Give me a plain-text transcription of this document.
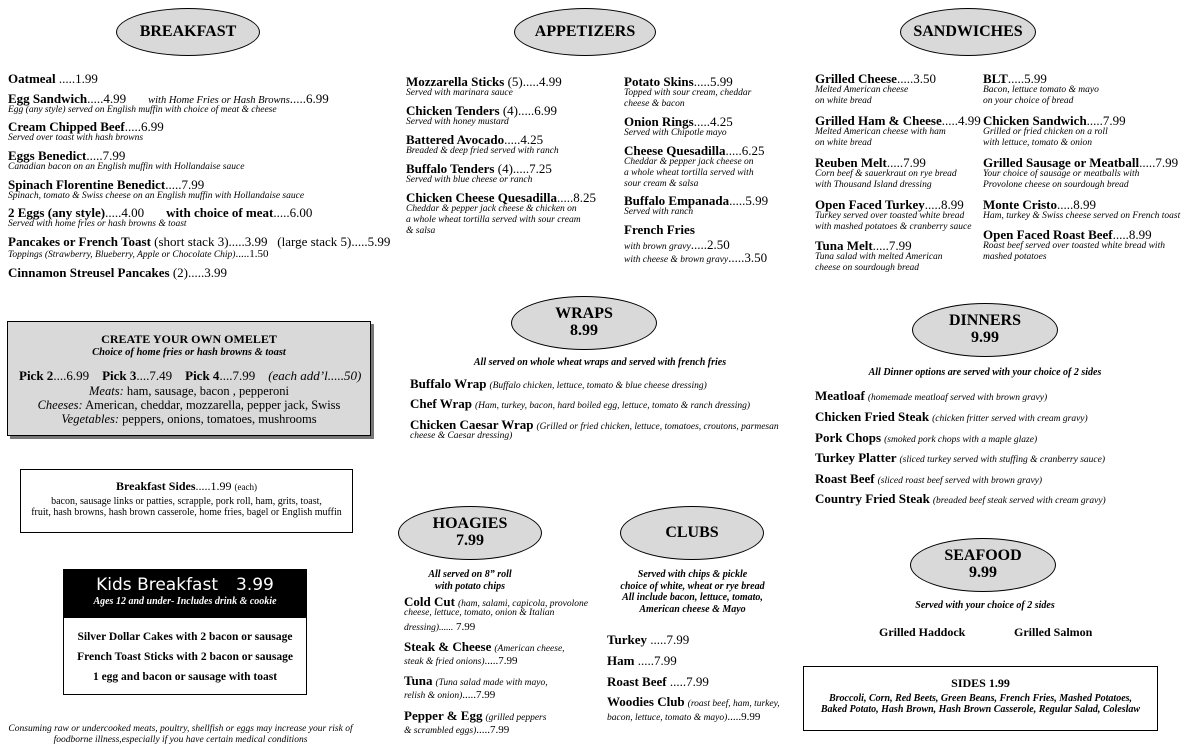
BREAKFAST	APPETIZERS	SANDWICHES
Oatmeal .....1.99
Egg Sandwich.....4.99 with Home Fries or Hash Browns.....6.99
Egg (any style) served on English muffin with choice of meat & cheese
Cream Chipped Beef.....6.99
Served over toast with hash browns
Eggs Benedict.....7.99
Canadian bacon on an English muffin with Hollandaise sauce
Spinach Florentine Benedict.....7.99
Spinach, tomato & Swiss cheese on an English muffin with Hollandaise sauce
2 Eggs (any style).....4.00 with choice of meat.....6.00
Served with home fries or hash browns & toast
Pancakes or French Toast (short stack 3).....3.99   (large stack 5).....5.99
Toppings (Strawberry, Blueberry, Apple or Chocolate Chip).....1.50
Cinnamon Streusel Pancakes (2).....3.99
CREATE YOUR OWN OMELET
Choice of home fries or hash browns & toast
Pick 2....6.99 Pick 3....7.49 Pick 4....7.99 (each add’l.....50)
Meats: ham, sausage, bacon , pepperoni
Cheeses: American, cheddar, mozzarella, pepper jack, Swiss
Vegetables: peppers, onions, tomatoes, mushrooms
Breakfast Sides.....1.99 (each)
bacon, sausage links or patties, scrapple, pork roll, ham, grits, toast,
fruit, hash browns, hash brown casserole, home fries, bagel or English muffin
Kids Breakfast 3.99
Ages 12 and under- Includes drink & cookie
Silver Dollar Cakes with 2 bacon or sausage
French Toast Sticks with 2 bacon or sausage
1 egg and bacon or sausage with toast
Consuming raw or undercooked meats, poultry, shellfish or eggs may increase your risk of
foodborne illness,especially if you have certain medical conditions
Mozzarella Sticks (5).....4.99
Served with marinara sauce
Chicken Tenders (4).....6.99
Served with honey mustard
Battered Avocado.....4.25
Breaded & deep fried served with ranch
Buffalo Tenders (4).....7.25
Served with blue cheese or ranch
Chicken Cheese Quesadilla.....8.25
Cheddar & pepper jack cheese & chicken on
a whole wheat tortilla served with sour cream
& salsa
Potato Skins.....5.99
Topped with sour cream, cheddar
cheese & bacon
Onion Rings.....4.25
Served with Chipotle mayo
Cheese Quesadilla.....6.25
Cheddar & pepper jack cheese on
a whole wheat tortilla served with
sour cream & salsa
Buffalo Empanada.....5.99
Served with ranch
French Fries
with brown gravy.....2.50
with cheese & brown gravy.....3.50
WRAPS
8.99
All served on whole wheat wraps and served with french fries
Buffalo Wrap (Buffalo chicken, lettuce, tomato & blue cheese dressing)
Chef Wrap (Ham, turkey, bacon, hard boiled egg, lettuce, tomato & ranch dressing)
Chicken Caesar Wrap (Grilled or fried chicken, lettuce, tomatoes, croutons, parmesan
cheese & Caesar dressing)
HOAGIES
7.99
All served on 8” roll
with potato chips
Cold Cut (ham, salami, capicola, provolone
cheese, lettuce, tomato, onion & Italian
dressing)...... 7.99
Steak & Cheese (American cheese,
steak & fried onions).....7.99
Tuna (Tuna salad made with mayo,
relish & onion).....7.99
Pepper & Egg (grilled peppers
& scrambled eggs).....7.99
CLUBS
Served with chips & pickle
choice of white, wheat or rye bread
All include bacon, lettuce, tomato,
American cheese & Mayo
Turkey .....7.99
Ham .....7.99
Roast Beef .....7.99
Woodies Club (roast beef, ham, turkey,
bacon, lettuce, tomato & mayo).....9.99
Grilled Cheese.....3.50
Melted American cheese
on white bread
Grilled Ham & Cheese.....4.99
Melted American cheese with ham
on white bread
Reuben Melt.....7.99
Corn beef & sauerkraut on rye bread
with Thousand Island dressing
Open Faced Turkey.....8.99
Turkey served over toasted white bread
with mashed potatoes & cranberry sauce
Tuna Melt.....7.99
Tuna salad with melted American
cheese on sourdough bread
BLT.....5.99
Bacon, lettuce tomato & mayo
on your choice of bread
Chicken Sandwich.....7.99
Grilled or fried chicken on a roll
with lettuce, tomato & onion
Grilled Sausage or Meatball.....7.99
Your choice of sausage or meatballs with
Provolone cheese on sourdough bread
Monte Cristo.....8.99
Ham, turkey & Swiss cheese served on French toast
Open Faced Roast Beef.....8.99
Roast beef served over toasted white bread with
mashed potatoes
DINNERS
9.99
All Dinner options are served with your choice of 2 sides
Meatloaf (homemade meatloaf served with brown gravy)
Chicken Fried Steak (chicken fritter served with cream gravy)
Pork Chops (smoked pork chops with a maple glaze)
Turkey Platter (sliced turkey served with stuffing & cranberry sauce)
Roast Beef (sliced roast beef served with brown gravy)
Country Fried Steak (breaded beef steak served with cream gravy)
SEAFOOD
9.99
Served with your choice of 2 sides
Grilled Haddock	Grilled Salmon
SIDES 1.99
Broccoli, Corn, Red Beets, Green Beans, French Fries, Mashed Potatoes,
Baked Potato, Hash Brown, Hash Brown Casserole, Regular Salad, Coleslaw
